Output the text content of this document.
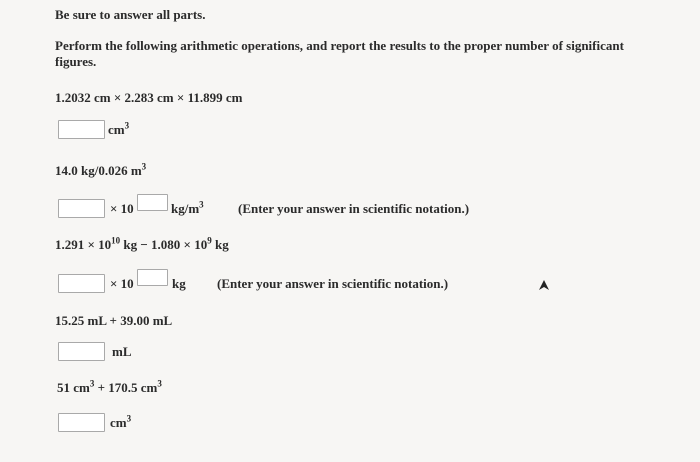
Be sure to answer all parts.
Perform the following arithmetic operations, and report the results to the proper number of significant
figures.
1.2032 cm × 2.283 cm × 11.899 cm
$cm^3$
14.0 kg/0.026 $m^3$
× 10	$kg/m^3$	(Enter your answer in scientific notation.)
$1.291 \times 10^{10}$ kg − $1.080 \times 10^9$ kg
× 10	kg (Enter your answer in scientific notation.)
15.25 mL + 39.00 mL
mL
51 $cm^3 + 170.5$ $cm^3$
$cm^3$
